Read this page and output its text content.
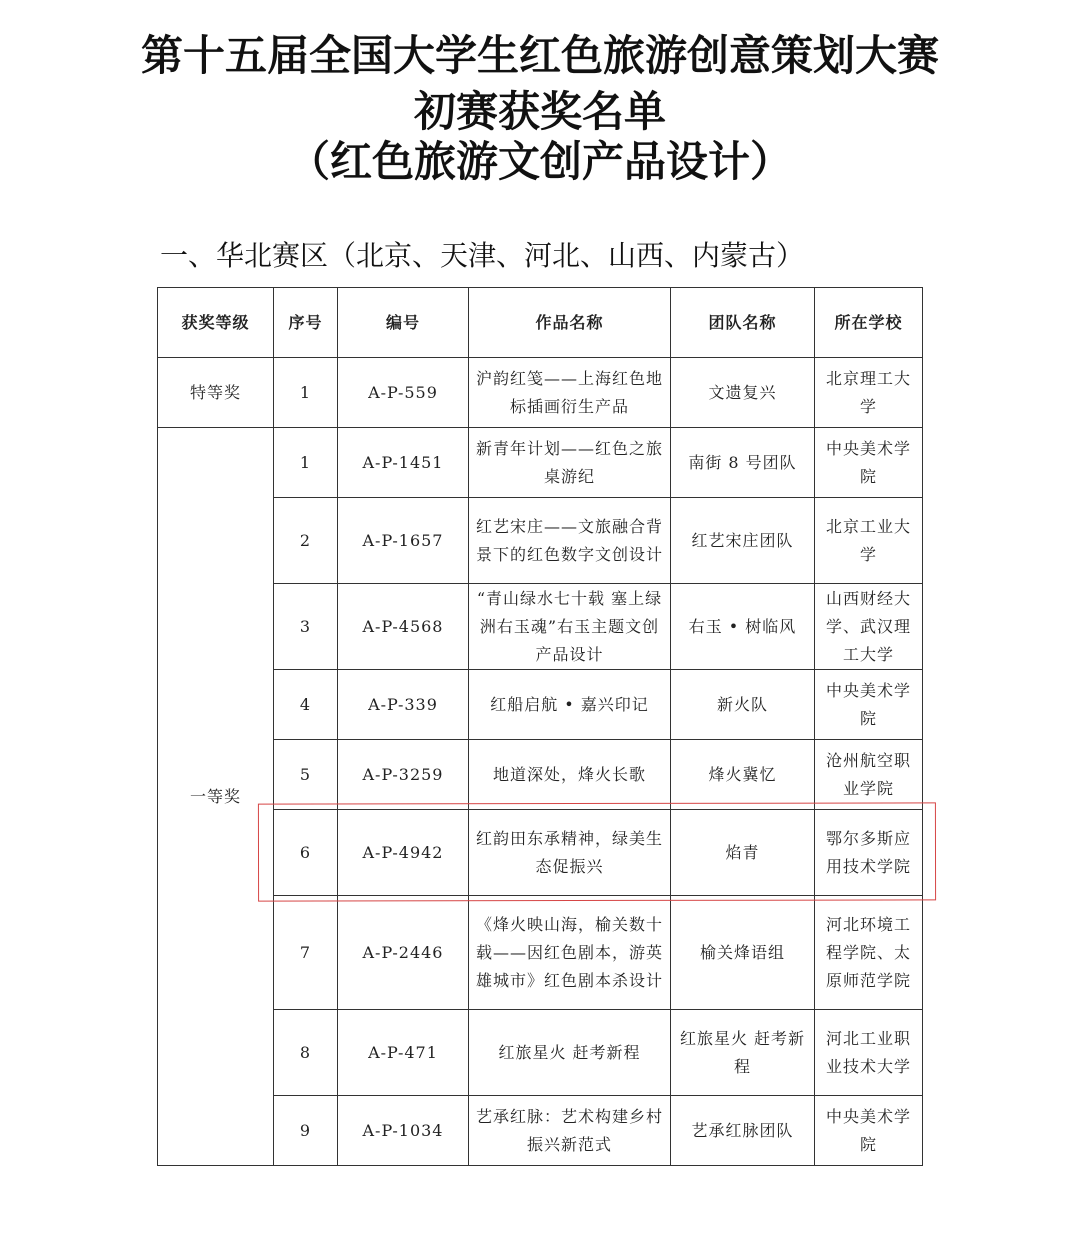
第十五届全国大学生红色旅游创意策划大赛
初赛获奖名单
（红色旅游文创产品设计）
一、华北赛区（北京、天津、河北、山西、内蒙古）
获奖等级	序号	编号	作品名称	团队名称	所在学校
特等奖	1	A-P-559	沪韵红笺——上海红色地标插画衍生产品	文遗复兴	北京理工大学
一等奖	1	A-P-1451	新青年计划——红色之旅桌游纪	南街 8 号团队	中央美术学院
	2	A-P-1657	红艺宋庄——文旅融合背景下的红色数字文创设计	红艺宋庄团队	北京工业大学
	3	A-P-4568	“青山绿水七十载 塞上绿洲右玉魂”右玉主题文创产品设计	右玉 • 树临风	山西财经大学、武汉理工大学
	4	A-P-339	红船启航 • 嘉兴印记	新火队	中央美术学院
	5	A-P-3259	地道深处，烽火长歌	烽火冀忆	沧州航空职业学院
	6	A-P-4942	红韵田东承精神，绿美生态促振兴	焰青	鄂尔多斯应用技术学院
	7	A-P-2446	《烽火映山海，榆关数十载——因红色剧本，游英雄城市》红色剧本杀设计	榆关烽语组	河北环境工程学院、太原师范学院
	8	A-P-471	红旅星火 赶考新程	红旅星火 赶考新程	河北工业职业技术大学
	9	A-P-1034	艺承红脉：艺术构建乡村振兴新范式	艺承红脉团队	中央美术学院
